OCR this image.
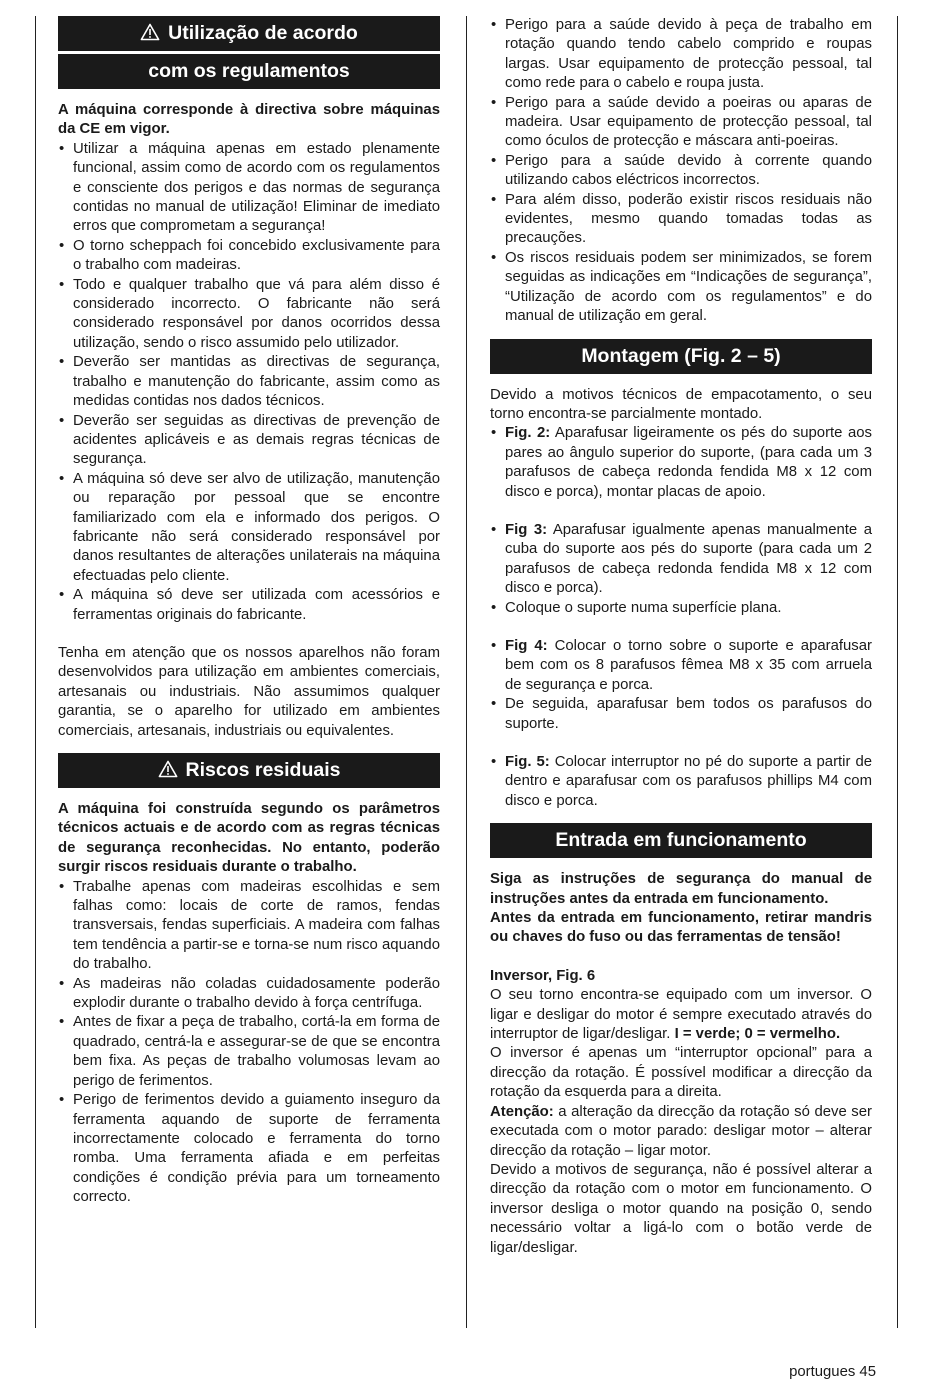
Utilização de acordo
com os regulamentos

A máquina corresponde à directiva sobre máquinas da CE em vigor.

• Utilizar a máquina apenas em estado plenamente funcional, assim como de acordo com os regulamentos e consciente dos perigos e das normas de segurança contidas no manual de utilização! Eliminar de imediato erros que comprometam a segurança!
• O torno scheppach foi concebido exclusivamente para o trabalho com madeiras.
• Todo e qualquer trabalho que vá para além disso é considerado incorrecto. O fabricante não será considerado responsável por danos ocorridos dessa utilização, sendo o risco assumido pelo utilizador.
• Deverão ser mantidas as directivas de segurança, trabalho e manutenção do fabricante, assim como as medidas contidas nos dados técnicos.
• Deverão ser seguidas as directivas de prevenção de acidentes aplicáveis e as demais regras técnicas de segurança.
• A máquina só deve ser alvo de utilização, manutenção ou reparação por pessoal que se encontre familiarizado com ela e informado dos perigos. O fabricante não será considerado responsável por danos resultantes de alterações unilaterais na máquina efectuadas pelo cliente.
• A máquina só deve ser utilizada com acessórios e ferramentas originais do fabricante.

Tenha em atenção que os nossos aparelhos não foram desenvolvidos para utilização em ambientes comerciais, artesanais ou industriais. Não assumimos qualquer garantia, se o aparelho for utilizado em ambientes comerciais, artesanais, industriais ou equivalentes.

Riscos residuais

A máquina foi construída segundo os parâmetros técnicos actuais e de acordo com as regras técnicas de segurança reconhecidas. No entanto, poderão surgir riscos residuais durante o trabalho.

• Trabalhe apenas com madeiras escolhidas e sem falhas como: locais de corte de ramos, fendas transversais, fendas superficiais. A madeira com falhas tem tendência a partir-se e torna-se num risco aquando do trabalho.
• As madeiras não coladas cuidadosamente poderão explodir durante o trabalho devido à força centrífuga.
• Antes de fixar a peça de trabalho, cortá-la em forma de quadrado, centrá-la e assegurar-se de que se encontra bem fixa. As peças de trabalho volumosas levam ao perigo de ferimentos.
• Perigo de ferimentos devido a guiamento inseguro da ferramenta aquando de suporte de ferramenta incorrectamente colocado e ferramenta do torno romba. Uma ferramenta afiada e em perfeitas condições é condição prévia para um torneamento correcto.
• Perigo para a saúde devido à peça de trabalho em rotação quando tendo cabelo comprido e roupas largas. Usar equipamento de protecção pessoal, tal como rede para o cabelo e roupa justa.
• Perigo para a saúde devido a poeiras ou aparas de madeira. Usar equipamento de protecção pessoal, tal como óculos de protecção e máscara anti-poeiras.
• Perigo para a saúde devido à corrente quando utilizando cabos eléctricos incorrectos.
• Para além disso, poderão existir riscos residuais não evidentes, mesmo quando tomadas todas as precauções.
• Os riscos residuais podem ser minimizados, se forem seguidas as indicações em “Indicações de segurança”, “Utilização de acordo com os regulamentos” e do manual de utilização em geral.
Montagem (Fig. 2 – 5)

Devido a motivos técnicos de empacotamento, o seu torno encontra-se parcialmente montado.

• Fig. 2: Aparafusar ligeiramente os pés do suporte aos pares ao ângulo superior do suporte, (para cada um 3 parafusos de cabeça redonda fendida M8 x 12 com disco e porca), montar placas de apoio.
• Fig 3: Aparafusar igualmente apenas manualmente a cuba do suporte aos pés do suporte (para cada um 2 parafusos de cabeça redonda fendida M8 x 12 com disco e porca).
• Coloque o suporte numa superfície plana.
• Fig 4: Colocar o torno sobre o suporte e aparafusar bem com os 8 parafusos fêmea M8 x 35 com arruela de segurança e porca.
• De seguida, aparafusar bem todos os parafusos do suporte.
• Fig. 5: Colocar interruptor no pé do suporte a partir de dentro e aparafusar com os parafusos phillips M4 com disco e porca.
Entrada em funcionamento

Siga as instruções de segurança do manual de instruções antes da entrada em funcionamento.

Antes da entrada em funcionamento, retirar mandris ou chaves do fuso ou das ferramentas de tensão!

Inversor, Fig. 6

O seu torno encontra-se equipado com um inversor. O ligar e desligar do motor é sempre executado através do interruptor de ligar/desligar. I = verde; 0 = vermelho.

O inversor é apenas um “interruptor opcional” para a direcção da rotação. É possível modificar a direcção da rotação da esquerda para a direita.

Atenção: a alteração da direcção da rotação só deve ser executada com o motor parado: desligar motor – alterar direcção da rotação – ligar motor.

Devido a motivos de segurança, não é possível alterar a direcção da rotação com o motor em funcionamento. O inversor desliga o motor quando na posição 0, sendo necessário voltar a ligá-lo com o botão verde de ligar/desligar.

portugues 45
